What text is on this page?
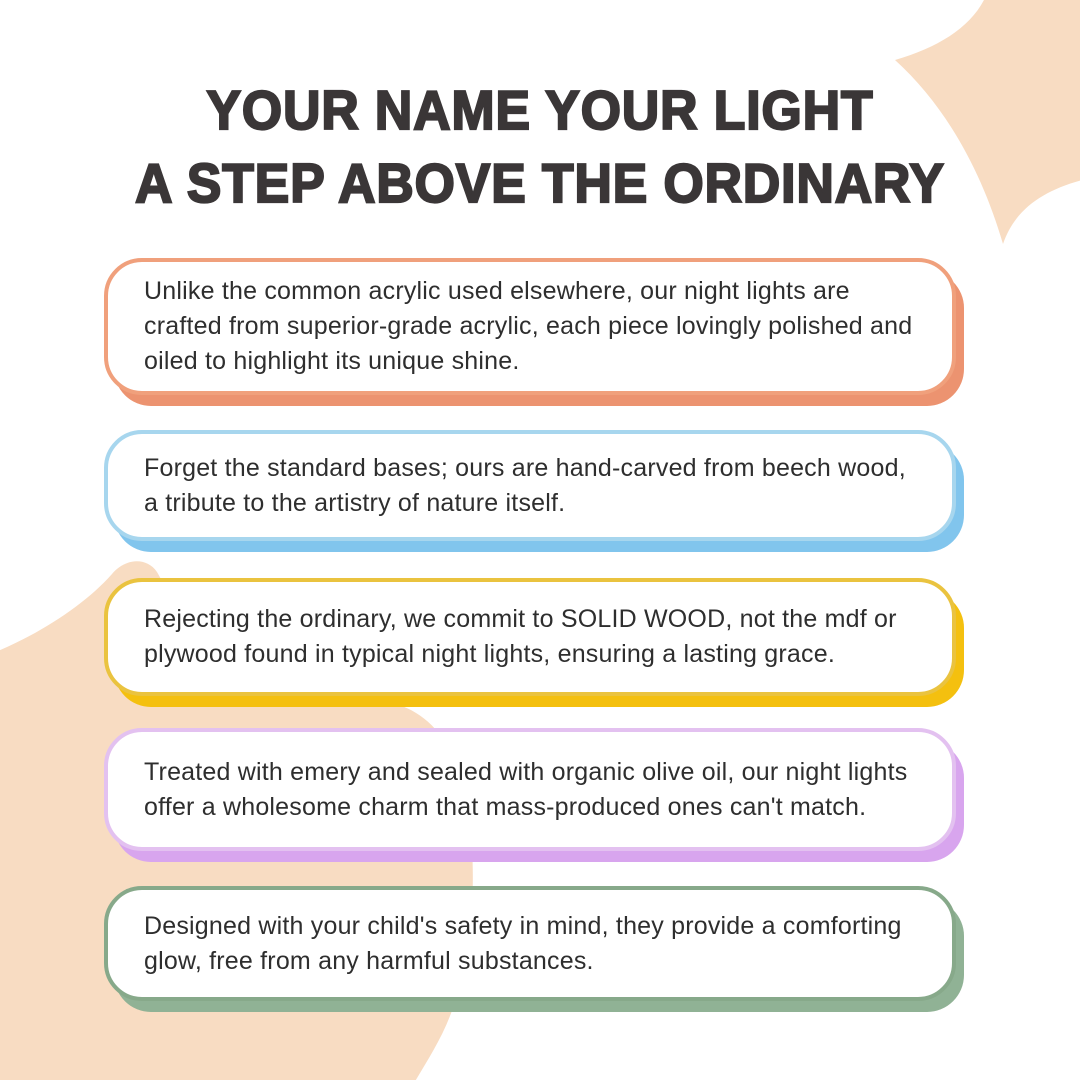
YOUR NAME YOUR LIGHT
A STEP ABOVE THE ORDINARY

Unlike the common acrylic used elsewhere, our night lights are crafted from superior-grade acrylic, each piece lovingly polished and oiled to highlight its unique shine.

Forget the standard bases; ours are hand-carved from beech wood, a tribute to the artistry of nature itself.

Rejecting the ordinary, we commit to SOLID WOOD, not the mdf or plywood found in typical night lights, ensuring a lasting grace.

Treated with emery and sealed with organic olive oil, our night lights offer a wholesome charm that mass-produced ones can't match.

Designed with your child's safety in mind, they provide a comforting glow, free from any harmful substances.
